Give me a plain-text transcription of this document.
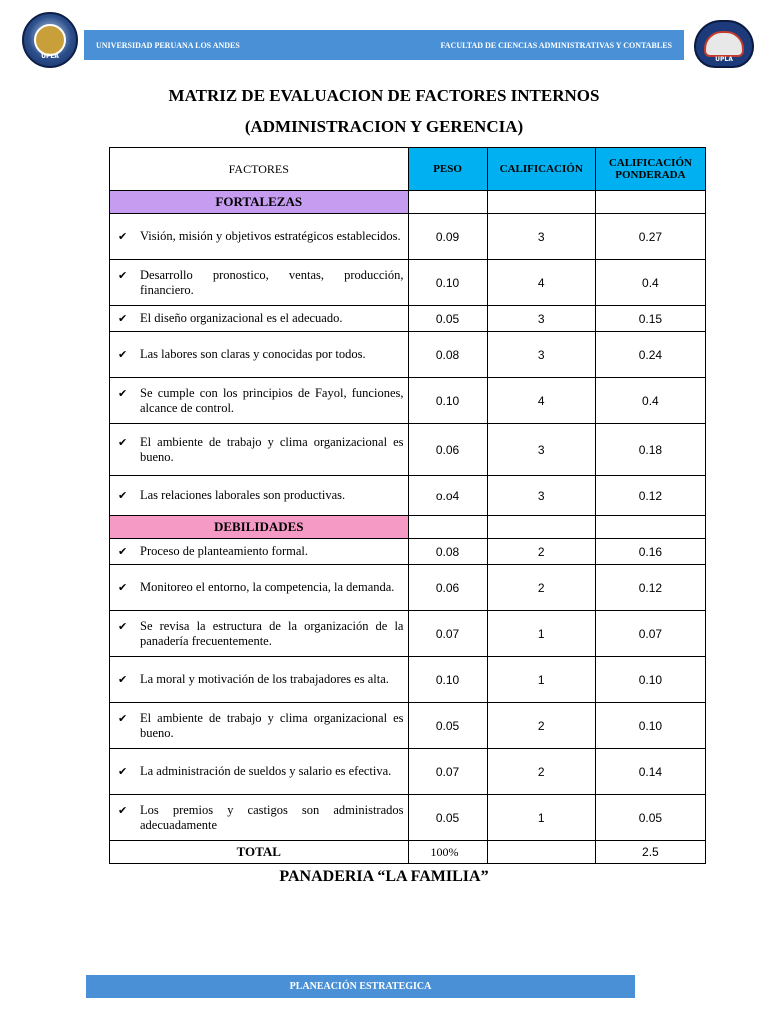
UPLA
UNIVERSIDAD PERUANA LOS ANDES	FACULTAD DE CIENCIAS ADMINISTRATIVAS Y CONTABLES
UPLA
MATRIZ DE EVALUACION DE FACTORES INTERNOS
(ADMINISTRACION Y GERENCIA)
FACTORES	PESO	CALIFICACIÓN	CALIFICACIÓN PONDERADA
FORTALEZAS			

✔ Visión, misión y objetivos estratégicos establecidos.	0.09	3	0.27

✔ Desarrollo pronostico, ventas, producción, financiero.	0.10	4	0.4

✔ El diseño organizacional es el adecuado.	0.05	3	0.15

✔ Las labores son claras y conocidas por todos.	0.08	3	0.24

✔ Se cumple con los principios de Fayol, funciones, alcance de control.	0.10	4	0.4

✔ El ambiente de trabajo y clima organizacional es bueno.	0.06	3	0.18

✔ Las relaciones laborales son productivas.	o.o4	3	0.12
DEBILIDADES			

✔ Proceso de planteamiento formal.	0.08	2	0.16

✔ Monitoreo el entorno, la competencia, la demanda.	0.06	2	0.12

✔ Se revisa la estructura de la organización de la panadería frecuentemente.	0.07	1	0.07

✔ La moral y motivación de los trabajadores es alta.	0.10	1	0.10

✔ El ambiente de trabajo y clima organizacional es bueno.	0.05	2	0.10

✔ La administración de sueldos y salario es efectiva.	0.07	2	0.14

✔ Los premios y castigos son administrados adecuadamente	0.05	1	0.05
TOTAL	100%		2.5
PANADERIA “LA FAMILIA”
PLANEACIÓN ESTRATEGICA
